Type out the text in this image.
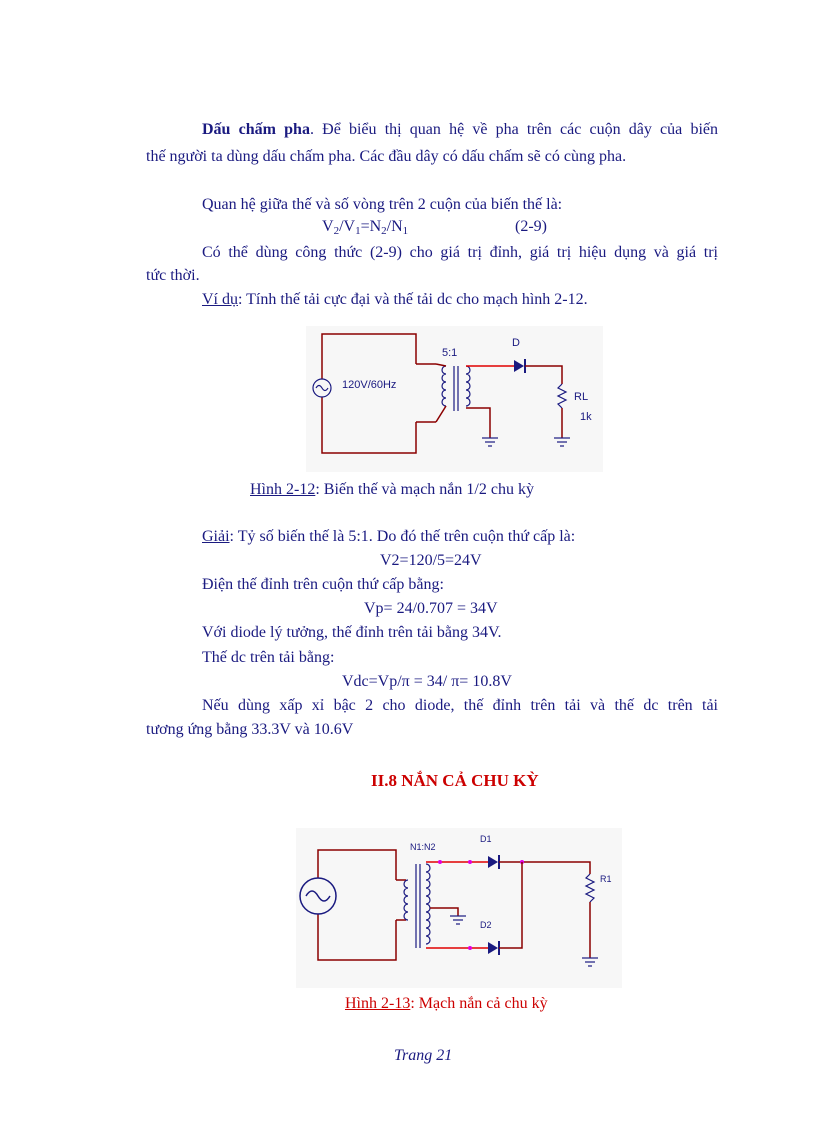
Dấu chấm pha. Để biểu thị quan hệ về pha trên các cuộn dây của biến
thế người ta dùng dấu chấm pha. Các đầu dây có dấu chấm sẽ có cùng pha.
Quan hệ giữa thế và số vòng trên 2 cuộn của biến thế là:
$V_2/V_1=N_2/N_1$	(2-9)
Có thể dùng công thức (2-9) cho giá trị đỉnh, giá trị hiệu dụng và giá trị
tức thời.
Ví dụ: Tính thế tải cực đại và thế tải dc cho mạch hình 2-12.
120V/60Hz
5:1
D
RL
1k
Hình 2-12: Biến thế và mạch nắn 1/2 chu kỳ
Giải: Tỷ số biến thế là 5:1. Do đó thế trên cuộn thứ cấp là:
V2=120/5=24V
Điện thế đỉnh trên cuộn thứ cấp bằng:
Vp= 24/0.707 = 34V
Với diode lý tưởng, thế đỉnh trên tải bằng 34V.
Thế dc trên tải bằng:
Vdc=Vp/π = 34/ π= 10.8V
Nếu dùng xấp xỉ bậc 2 cho diode, thế đỉnh trên tải và thế dc trên tải
tương ứng bằng 33.3V và 10.6V
II.8 NẮN CẢ CHU KỲ
N1:N2
D1
D2
R1
Hình 2-13: Mạch nắn cả chu kỳ
Trang 21
